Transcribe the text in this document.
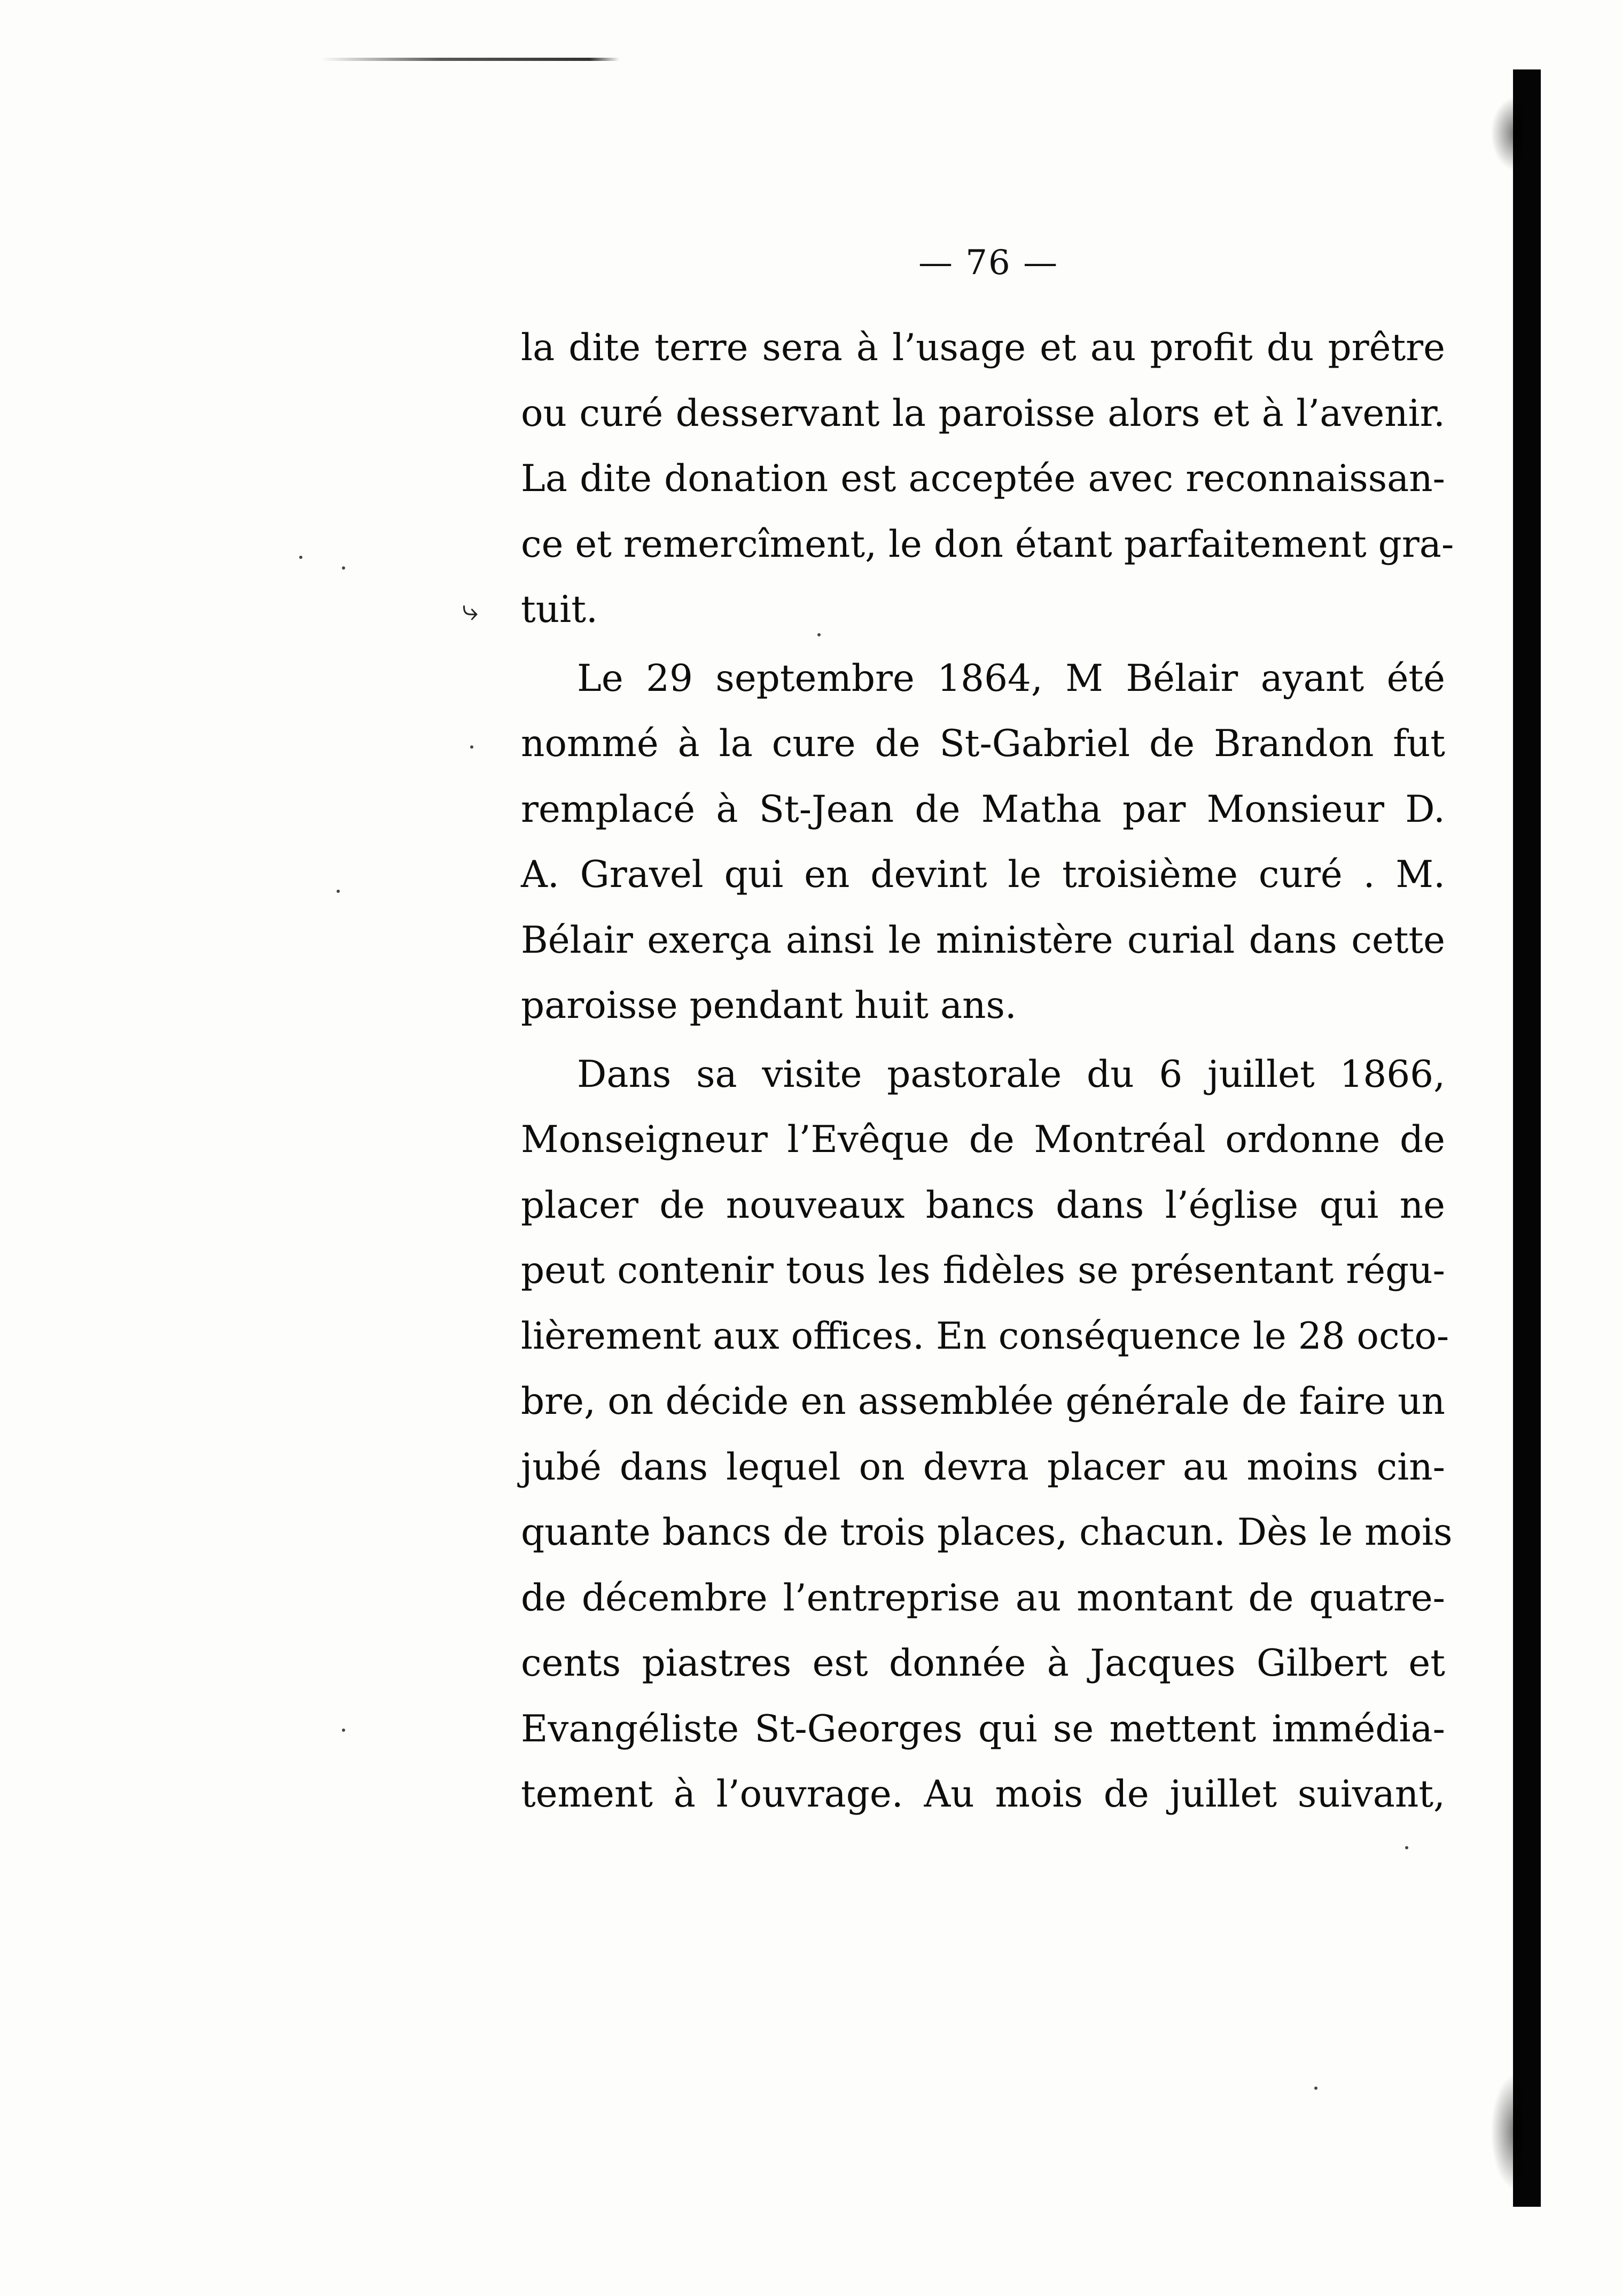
⤷
— 76 —
la dite terre sera à l’usage et au profit du prêtre
ou curé desservant la paroisse alors et à l’avenir.
La dite donation est acceptée avec reconnaissan-
ce et remercîment, le don étant parfaitement gra-
tuit.
Le 29 septembre 1864, M Bélair ayant été
nommé à la cure de St-Gabriel de Brandon fut
remplacé à St-Jean de Matha par Monsieur D.
A. Gravel qui en devint le troisième curé . M.
Bélair exerça ainsi le ministère curial dans cette
paroisse pendant huit ans.
Dans sa visite pastorale du 6 juillet 1866,
Monseigneur l’Evêque de Montréal ordonne de
placer de nouveaux bancs dans l’église qui ne
peut contenir tous les fidèles se présentant régu-
lièrement aux offices. En conséquence le 28 octo-
bre, on décide en assemblée générale de faire un
jubé dans lequel on devra placer au moins cin-
quante bancs de trois places, chacun. Dès le mois
de décembre l’entreprise au montant de quatre-
cents piastres est donnée à Jacques Gilbert et
Evangéliste St-Georges qui se mettent immédia-
tement à l’ouvrage. Au mois de juillet suivant,
